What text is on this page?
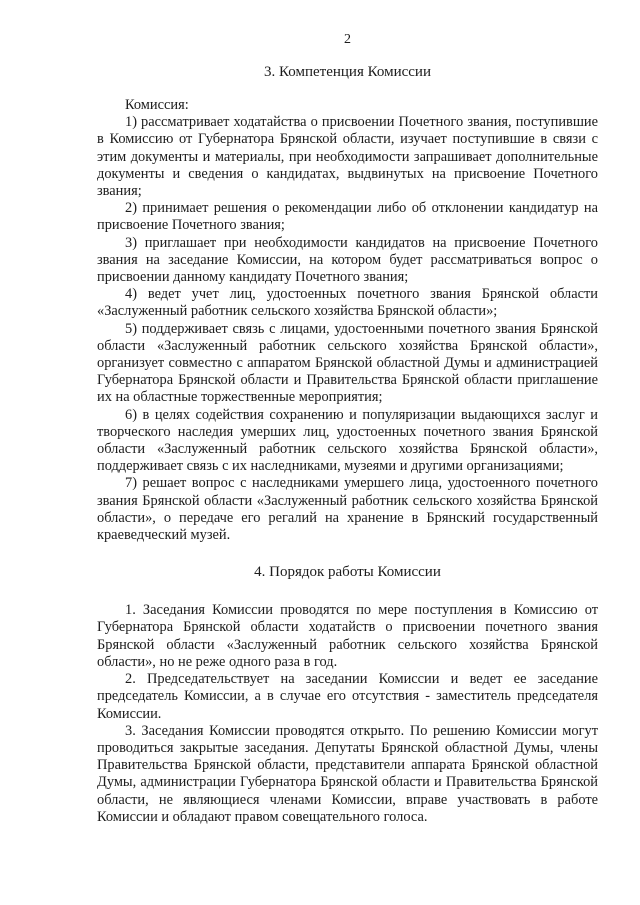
2
3. Компетенция Комиссии

Комиссия:

1) рассматривает ходатайства о присвоении Почетного звания, поступившие в Комиссию от Губернатора Брянской области, изучает поступившие в связи с этим документы и материалы, при необходимости запрашивает дополнительные документы и сведения о кандидатах, выдвинутых на присвоение Почетного звания;

2) принимает решения о рекомендации либо об отклонении кандидатур на присвоение Почетного звания;

3) приглашает при необходимости кандидатов на присвоение Почетного звания на заседание Комиссии, на котором будет рассматриваться вопрос о присвоении данному кандидату Почетного звания;

4) ведет учет лиц, удостоенных почетного звания Брянской области «Заслуженный работник сельского хозяйства Брянской области»;

5) поддерживает связь с лицами, удостоенными почетного звания Брянской области «Заслуженный работник сельского хозяйства Брянской области», организует совместно с аппаратом Брянской областной Думы и администрацией Губернатора Брянской области и Правительства Брянской области приглашение их на областные торжественные мероприятия;

6) в целях содействия сохранению и популяризации выдающихся заслуг и творческого наследия умерших лиц, удостоенных почетного звания Брянской области «Заслуженный работник сельского хозяйства Брянской области», поддерживает связь с их наследниками, музеями и другими организациями;

7) решает вопрос с наследниками умершего лица, удостоенного почетного звания Брянской области «Заслуженный работник сельского хозяйства Брянской области», о передаче его регалий на хранение в Брянский государственный краеведческий музей.

4. Порядок работы Комиссии

1. Заседания Комиссии проводятся по мере поступления в Комиссию от Губернатора Брянской области ходатайств о присвоении почетного звания Брянской области «Заслуженный работник сельского хозяйства Брянской области», но не реже одного раза в год.

2. Председательствует на заседании Комиссии и ведет ее заседание председатель Комиссии, а в случае его отсутствия - заместитель председателя Комиссии.

3. Заседания Комиссии проводятся открыто. По решению Комиссии могут проводиться закрытые заседания. Депутаты Брянской областной Думы, члены Правительства Брянской области, представители аппарата Брянской областной Думы, администрации Губернатора Брянской области и Правительства Брянской области, не являющиеся членами Комиссии, вправе участвовать в работе Комиссии и обладают правом совещательного голоса.
